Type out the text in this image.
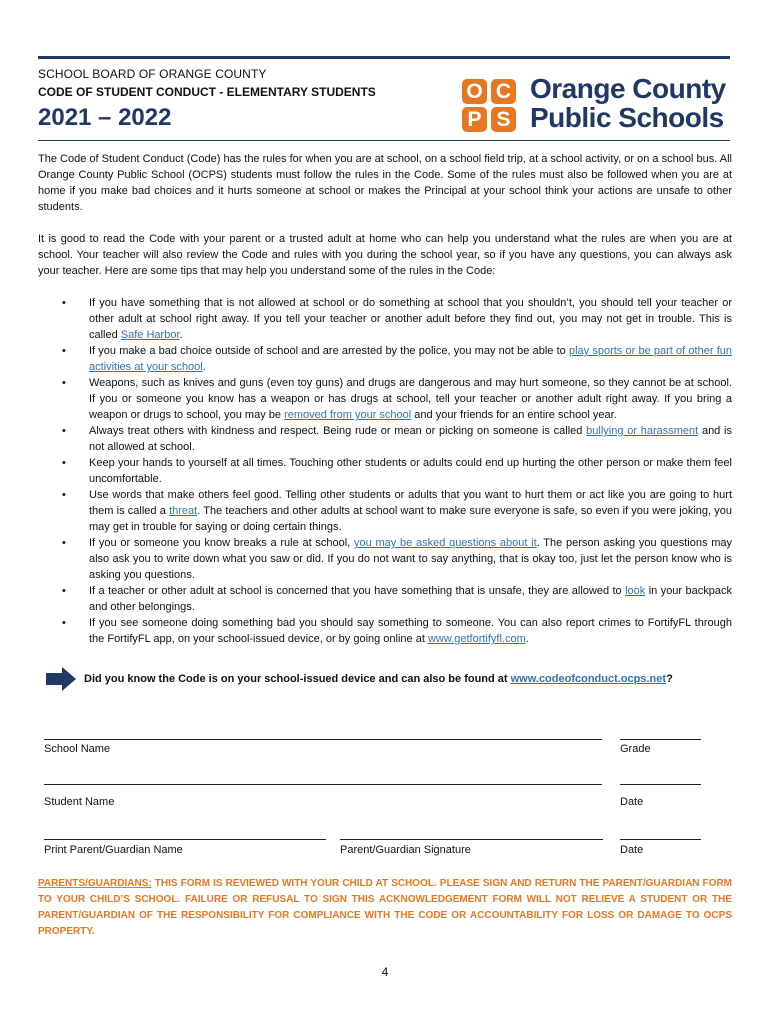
SCHOOL BOARD OF ORANGE COUNTY
CODE OF STUDENT CONDUCT - ELEMENTARY STUDENTS
2021 – 2022
O C
P S
Orange County
Public Schools

The Code of Student Conduct (Code) has the rules for when you are at school, on a school field trip, at a school activity, or on a school bus. All Orange County Public School (OCPS) students must follow the rules in the Code. Some of the rules must also be followed when you are at home if you make bad choices and it hurts someone at school or makes the Principal at your school think your actions are unsafe to other students.

It is good to read the Code with your parent or a trusted adult at home who can help you understand what the rules are when you are at school. Your teacher will also review the Code and rules with you during the school year, so if you have any questions, you can always ask your teacher. Here are some tips that may help you understand some of the rules in the Code:

• If you have something that is not allowed at school or do something at school that you shouldn’t, you should tell your teacher or other adult at school right away. If you tell your teacher or another adult before they find out, you may not get in trouble. This is called Safe Harbor.
• If you make a bad choice outside of school and are arrested by the police, you may not be able to play sports or be part of other fun activities at your school.
• Weapons, such as knives and guns (even toy guns) and drugs are dangerous and may hurt someone, so they cannot be at school. If you or someone you know has a weapon or has drugs at school, tell your teacher or another adult right away. If you bring a weapon or drugs to school, you may be removed from your school and your friends for an entire school year.
• Always treat others with kindness and respect. Being rude or mean or picking on someone is called bullying or harassment and is not allowed at school.
• Keep your hands to yourself at all times. Touching other students or adults could end up hurting the other person or make them feel uncomfortable.
• Use words that make others feel good. Telling other students or adults that you want to hurt them or act like you are going to hurt them is called a threat. The teachers and other adults at school want to make sure everyone is safe, so even if you were joking, you may get in trouble for saying or doing certain things.
• If you or someone you know breaks a rule at school, you may be asked questions about it. The person asking you questions may also ask you to write down what you saw or did. If you do not want to say anything, that is okay too, just let the person know who is asking you questions.
• If a teacher or other adult at school is concerned that you have something that is unsafe, they are allowed to look in your backpack and other belongings.
• If you see someone doing something bad you should say something to someone. You can also report crimes to FortifyFL through the FortifyFL app, on your school-issued device, or by going online at www.getfortifyfl.com.
Did you know the Code is on your school-issued device and can also be found at www.codeofconduct.ocps.net?
School Name	Grade
Student Name	Date
Print Parent/Guardian Name	Parent/Guardian Signature	Date

PARENTS/GUARDIANS: THIS FORM IS REVIEWED WITH YOUR CHILD AT SCHOOL. PLEASE SIGN AND RETURN THE PARENT/GUARDIAN FORM TO YOUR CHILD’S SCHOOL. FAILURE OR REFUSAL TO SIGN THIS ACKNOWLEDGEMENT FORM WILL NOT RELIEVE A STUDENT OR THE PARENT/GUARDIAN OF THE RESPONSIBILITY FOR COMPLIANCE WITH THE CODE OR ACCOUNTABILITY FOR LOSS OR DAMAGE TO OCPS PROPERTY.

4
